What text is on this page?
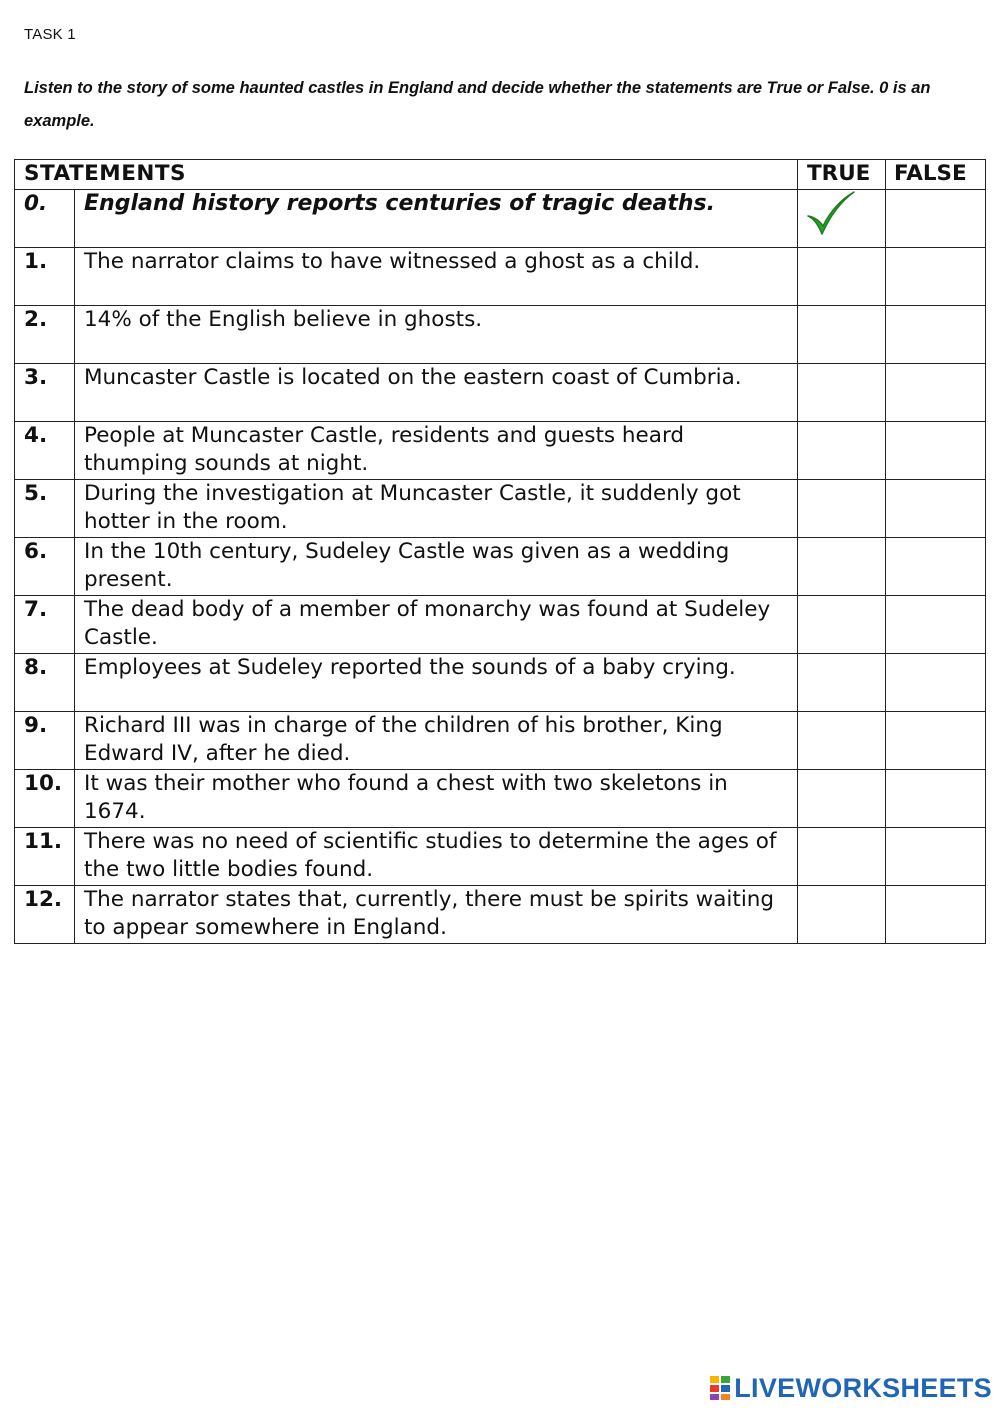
TASK 1
Listen to the story of some haunted castles in England and decide whether the statements are True or False. 0 is an example.
STATEMENTS		TRUE	FALSE
0.	England history reports centuries of tragic deaths.	

1.	The narrator claims to have witnessed a ghost as a child.		
2.	14% of the English believe in ghosts.		
3.	Muncaster Castle is located on the eastern coast of Cumbria.		
4.	People at Muncaster Castle, residents and guests heard thumping sounds at night.		
5.	During the investigation at Muncaster Castle, it suddenly got hotter in the room.		
6.	In the 10th century, Sudeley Castle was given as a wedding present.		
7.	The dead body of a member of monarchy was found at Sudeley Castle.		
8.	Employees at Sudeley reported the sounds of a baby crying.		
9.	Richard III was in charge of the children of his brother, King Edward IV, after he died.		
10.	It was their mother who found a chest with two skeletons in 1674.		
11.	There was no need of scientific studies to determine the ages of the two little bodies found.		
12.	The narrator states that, currently, there must be spirits waiting to appear somewhere in England.		
LIVEWORKSHEETS
